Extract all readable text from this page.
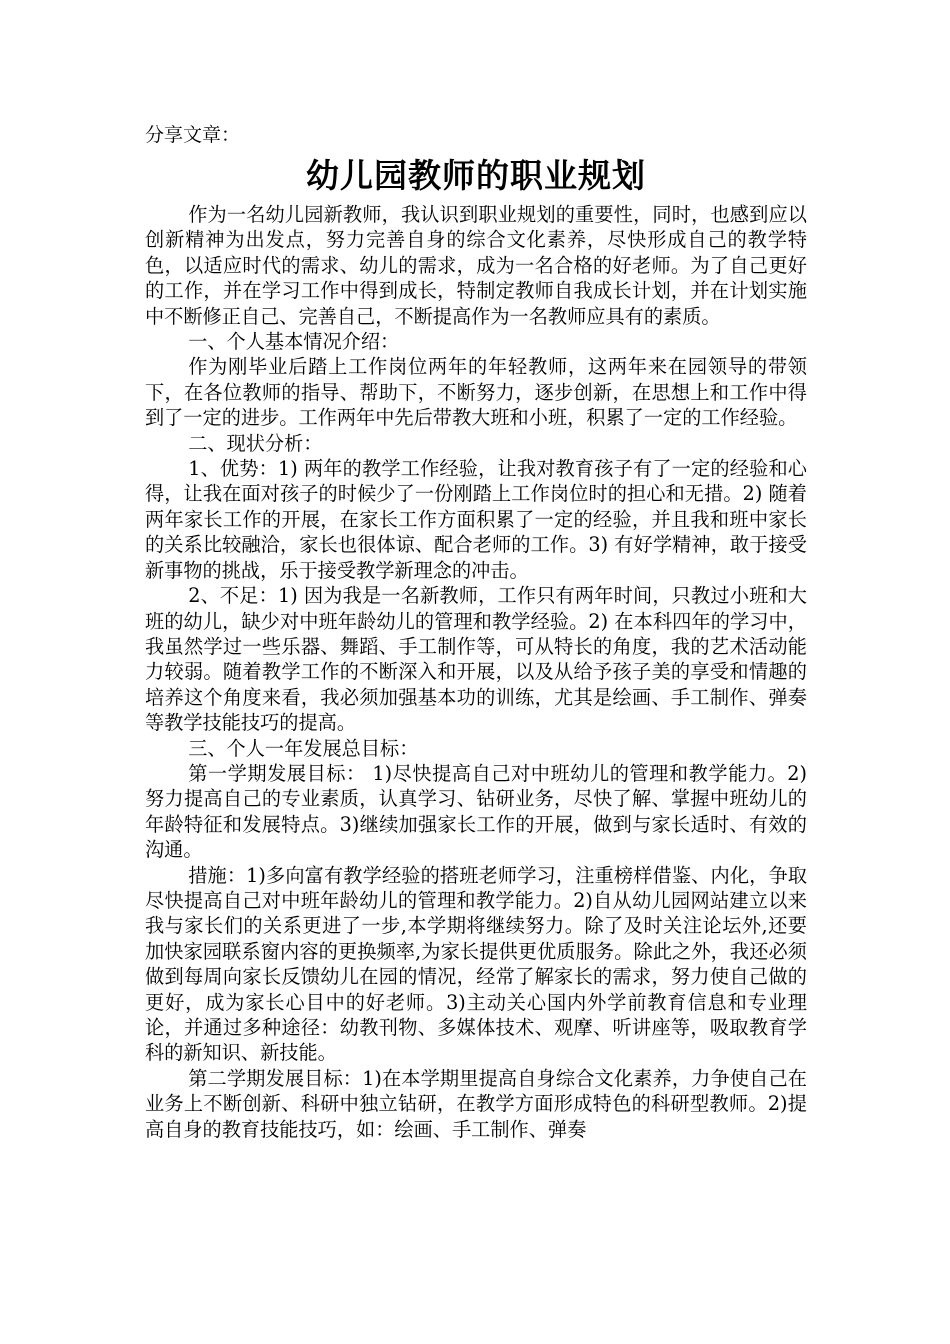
分享文章：

幼儿园教师的职业规划

作为一名幼儿园新教师，我认识到职业规划的重要性，同时，也感到应以创新精神为出发点，努力完善自身的综合文化素养，尽快形成自己的教学特色，以适应时代的需求、幼儿的需求，成为一名合格的好老师。为了自己更好的工作，并在学习工作中得到成长，特制定教师自我成长计划，并在计划实施中不断修正自己、完善自己，不断提高作为一名教师应具有的素质。

一、个人基本情况介绍：

作为刚毕业后踏上工作岗位两年的年轻教师，这两年来在园领导的带领下，在各位教师的指导、帮助下，不断努力，逐步创新，在思想上和工作中得到了一定的进步。工作两年中先后带教大班和小班，积累了一定的工作经验。

二、现状分析：

1、优势：1) 两年的教学工作经验，让我对教育孩子有了一定的经验和心得，让我在面对孩子的时候少了一份刚踏上工作岗位时的担心和无措。2) 随着两年家长工作的开展，在家长工作方面积累了一定的经验，并且我和班中家长的关系比较融洽，家长也很体谅、配合老师的工作。3) 有好学精神，敢于接受新事物的挑战，乐于接受教学新理念的冲击。

2、不足：1) 因为我是一名新教师，工作只有两年时间，只教过小班和大班的幼儿，缺少对中班年龄幼儿的管理和教学经验。2) 在本科四年的学习中，我虽然学过一些乐器、舞蹈、手工制作等，可从特长的角度，我的艺术活动能力较弱。随着教学工作的不断深入和开展，以及从给予孩子美的享受和情趣的培养这个角度来看，我必须加强基本功的训练，尤其是绘画、手工制作、弹奏等教学技能技巧的提高。

三、个人一年发展总目标：

第一学期发展目标： 1)尽快提高自己对中班幼儿的管理和教学能力。2)努力提高自己的专业素质，认真学习、钻研业务，尽快了解、掌握中班幼儿的年龄特征和发展特点。3)继续加强家长工作的开展，做到与家长适时、有效的沟通。

措施：1)多向富有教学经验的搭班老师学习，注重榜样借鉴、内化，争取尽快提高自己对中班年龄幼儿的管理和教学能力。2)自从幼儿园网站建立以来我与家长们的关系更进了一步,本学期将继续努力。除了及时关注论坛外,还要加快家园联系窗内容的更换频率,为家长提供更优质服务。除此之外，我还必须做到每周向家长反馈幼儿在园的情况，经常了解家长的需求，努力使自己做的更好，成为家长心目中的好老师。3)主动关心国内外学前教育信息和专业理论，并通过多种途径：幼教刊物、多媒体技术、观摩、听讲座等，吸取教育学科的新知识、新技能。

第二学期发展目标：1)在本学期里提高自身综合文化素养，力争使自己在业务上不断创新、科研中独立钻研，在教学方面形成特色的科研型教师。2)提高自身的教育技能技巧，如：绘画、手工制作、弹奏
